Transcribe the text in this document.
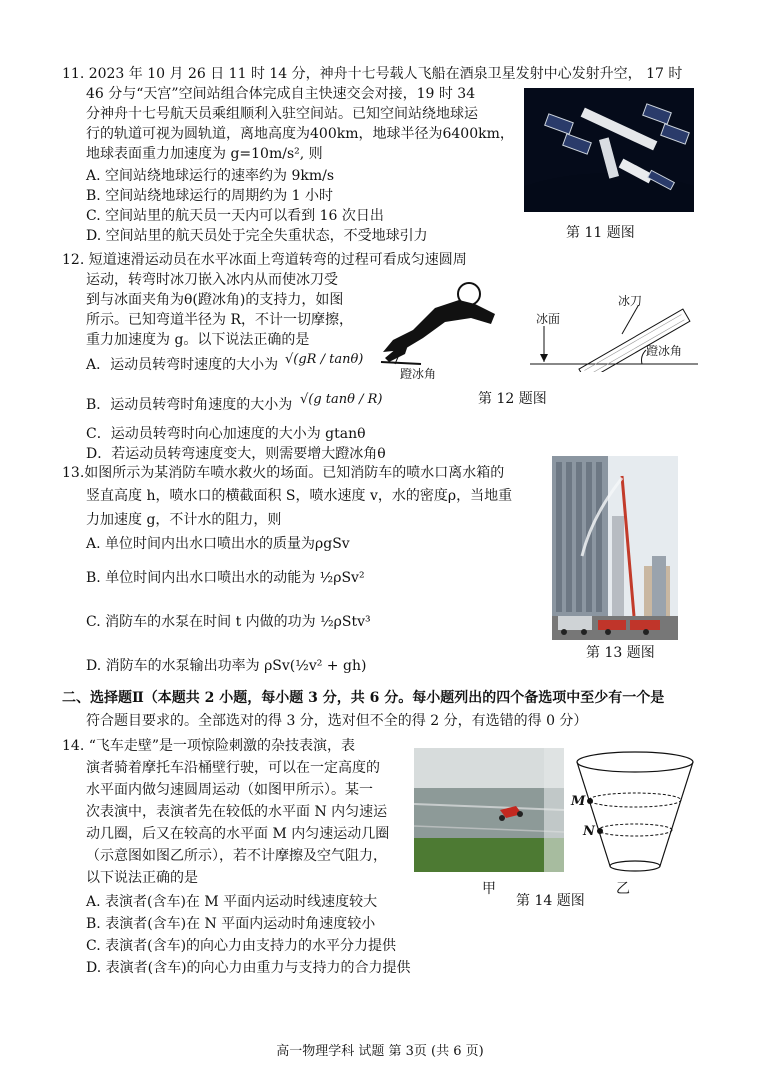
11. 2023 年 10 月 26 日 11 时 14 分，神舟十七号载人飞船在酒泉卫星发射中心发射升空， 17 时
46 分与“天宫”空间站组合体完成自主快速交会对接，19 时 34
分神舟十七号航天员乘组顺利入驻空间站。已知空间站绕地球运
行的轨道可视为圆轨道，离地高度为400km，地球半径为6400km，
地球表面重力加速度为 g=10m/s², 则
A. 空间站绕地球运行的速率约为 9km/s
B. 空间站绕地球运行的周期约为 1 小时
C. 空间站里的航天员一天内可以看到 16 次日出
D. 空间站里的航天员处于完全失重状态，不受地球引力	第 11 题图
12. 短道速滑运动员在水平冰面上弯道转弯的过程可看成匀速圆周
运动，转弯时冰刀嵌入冰内从而使冰刀受
到与冰面夹角为θ(蹬冰角)的支持力，如图
所示。已知弯道半径为 R，不计一切摩擦，
重力加速度为 g。以下说法正确的是
A．运动员转弯时速度的大小为 √(gR / tanθ)
B．运动员转弯时角速度的大小为 √(g tanθ / R)
C．运动员转弯时向心加速度的大小为 gtanθ
D．若运动员转弯速度变大，则需要增大蹬冰角θ
蹬冰角
冰面
冰刀
蹬冰角
第 12 题图
13.如图所示为某消防车喷水救火的场面。已知消防车的喷水口离水箱的
竖直高度 h，喷水口的横截面积 S，喷水速度 v，水的密度ρ，当地重
力加速度 g，不计水的阻力，则
A. 单位时间内出水口喷出水的质量为ρgSv
B. 单位时间内出水口喷出水的动能为 ½ρSv²
C. 消防车的水泵在时间 t 内做的功为 ½ρStv³
D. 消防车的水泵输出功率为 ρSv(½v² + gh)
第 13 题图
二、选择题Ⅱ（本题共 2 小题，每小题 3 分，共 6 分。每小题列出的四个备选项中至少有一个是
符合题目要求的。全部选对的得 3 分，选对但不全的得 2 分，有选错的得 0 分）
14. “飞车走壁”是一项惊险刺激的杂技表演，表
演者骑着摩托车沿桶壁行驶，可以在一定高度的
水平面内做匀速圆周运动（如图甲所示）。某一
次表演中，表演者先在较低的水平面 N 内匀速运
动几圈，后又在较高的水平面 M 内匀速运动几圈
（示意图如图乙所示），若不计摩擦及空气阻力，
以下说法正确的是
A. 表演者(含车)在 M 平面内运动时线速度较大
B. 表演者(含车)在 N 平面内运动时角速度较小
C. 表演者(含车)的向心力由支持力的水平分力提供
D. 表演者(含车)的向心力由重力与支持力的合力提供
甲
M
N
乙
第 14 题图
高一物理学科 试题 第 3页 (共 6 页)
